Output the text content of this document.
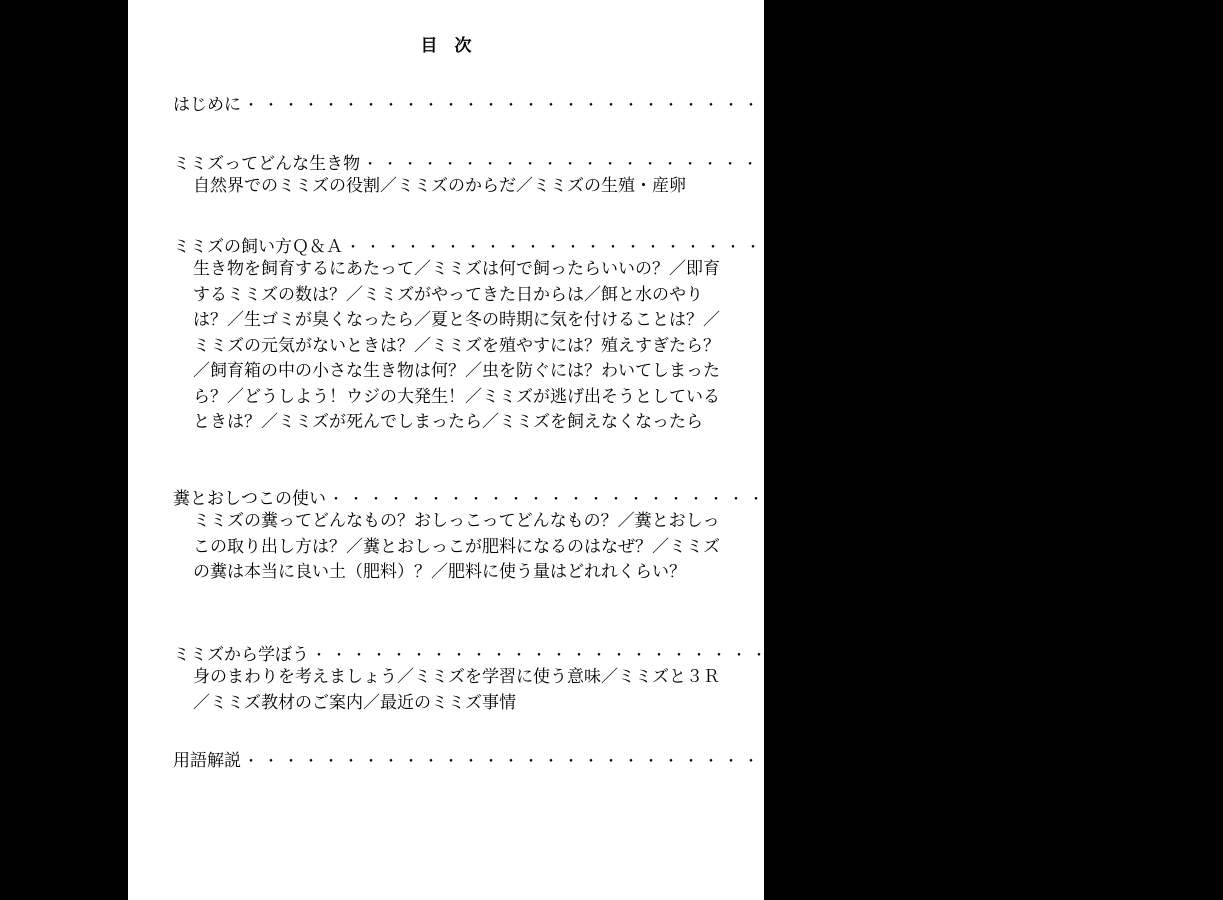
目　次
はじめに ・・・・・・・・・・・・・・・・・・・・・・・・・・・・・・・・・・・・・・・・・・ 3
ミミズってどんな生き物 ・・・・・・・・・・・・・・・・・・・・・・・・・・・・・・・・・・・・・・・・・・ 5
自然界でのミミズの役割／ミミズのからだ／ミミズの生殖・産卵
ミミズの飼い方Ｑ＆Ａ ・・・・・・・・・・・・・・・・・・・・・・・・・・・・・・・・・・・・・・・・・・ １３
生き物を飼育するにあたって／ミミズは何で飼ったらいいの？／即育するミミズの数は？／ミミズがやってきた日からは／餌と水のやりは？／生ゴミが臭くなったら／夏と冬の時期に気を付けることは？／ミミズの元気がないときは？／ミミズを殖やすには？殖えすぎたら？／飼育箱の中の小さな生き物は何？／虫を防ぐには？わいてしまったら？／どうしよう！ウジの大発生！／ミミズが逃げ出そうとしているときは？／ミミズが死んでしまったら／ミミズを飼えなくなったら
糞とおしつこの使い ・・・・・・・・・・・・・・・・・・・・・・・・・・・・・・・・・・・・・・・・・・ ２５
ミミズの糞ってどんなもの？おしっこってどんなもの？／糞とおしっこの取り出し方は？／糞とおしっこが肥料になるのはなぜ？／ミミズの糞は本当に良い土（肥料）？／肥料に使う量はどれれくらい？
ミミズから学ぼう ・・・・・・・・・・・・・・・・・・・・・・・・・・・・・・・・・・・・・・・・・・ ３１
身のまわりを考えましょう／ミミズを学習に使う意味／ミミズと３Ｒ／ミミズ教材のご案内／最近のミミズ事情
用語解説 ・・・・・・・・・・・・・・・・・・・・・・・・・・・・・・・・・・・・・・・・・・ ３９
